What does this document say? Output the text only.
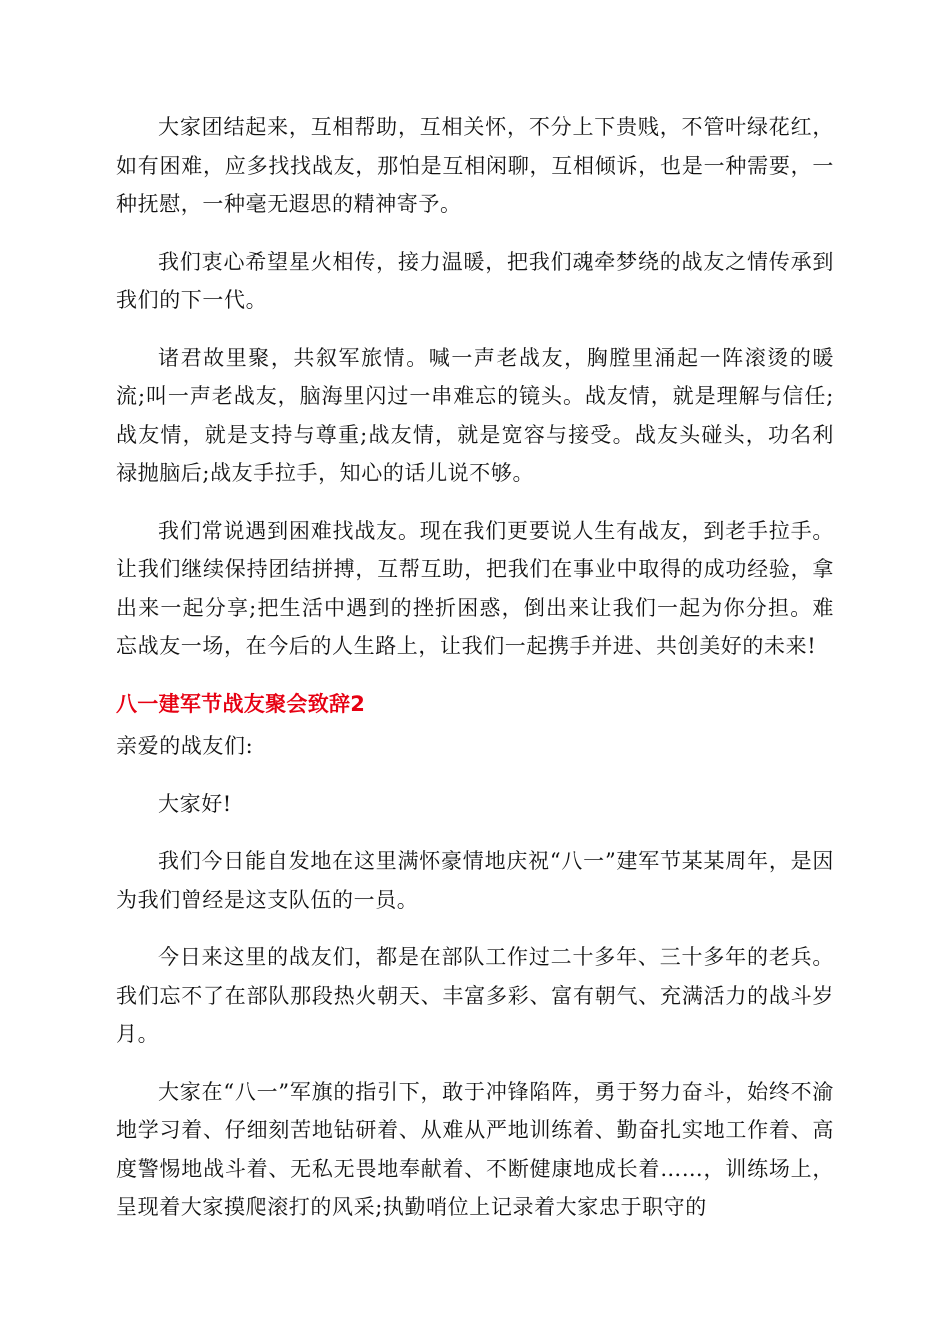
大家团结起来，互相帮助，互相关怀，不分上下贵贱，不管叶绿花红，如有困难，应多找找战友，那怕是互相闲聊，互相倾诉，也是一种需要，一种抚慰，一种毫无遐思的精神寄予。

我们衷心希望星火相传，接力温暖，把我们魂牵梦绕的战友之情传承到我们的下一代。

诸君故里聚，共叙军旅情。喊一声老战友，胸膛里涌起一阵滚烫的暖流;叫一声老战友，脑海里闪过一串难忘的镜头。战友情，就是理解与信任;战友情，就是支持与尊重;战友情，就是宽容与接受。战友头碰头，功名利禄抛脑后;战友手拉手，知心的话儿说不够。

我们常说遇到困难找战友。现在我们更要说人生有战友，到老手拉手。让我们继续保持团结拼搏，互帮互助，把我们在事业中取得的成功经验，拿出来一起分享;把生活中遇到的挫折困惑，倒出来让我们一起为你分担。难忘战友一场，在今后的人生路上，让我们一起携手并进、共创美好的未来!

八一建军节战友聚会致辞2

亲爱的战友们:

大家好!

我们今日能自发地在这里满怀豪情地庆祝“八一”建军节某某周年，是因为我们曾经是这支队伍的一员。

今日来这里的战友们，都是在部队工作过二十多年、三十多年的老兵。我们忘不了在部队那段热火朝天、丰富多彩、富有朝气、充满活力的战斗岁月。

大家在“八一”军旗的指引下，敢于冲锋陷阵，勇于努力奋斗，始终不渝地学习着、仔细刻苦地钻研着、从难从严地训练着、勤奋扎实地工作着、高度警惕地战斗着、无私无畏地奉献着、不断健康地成长着……，训练场上，呈现着大家摸爬滚打的风采;执勤哨位上记录着大家忠于职守的
